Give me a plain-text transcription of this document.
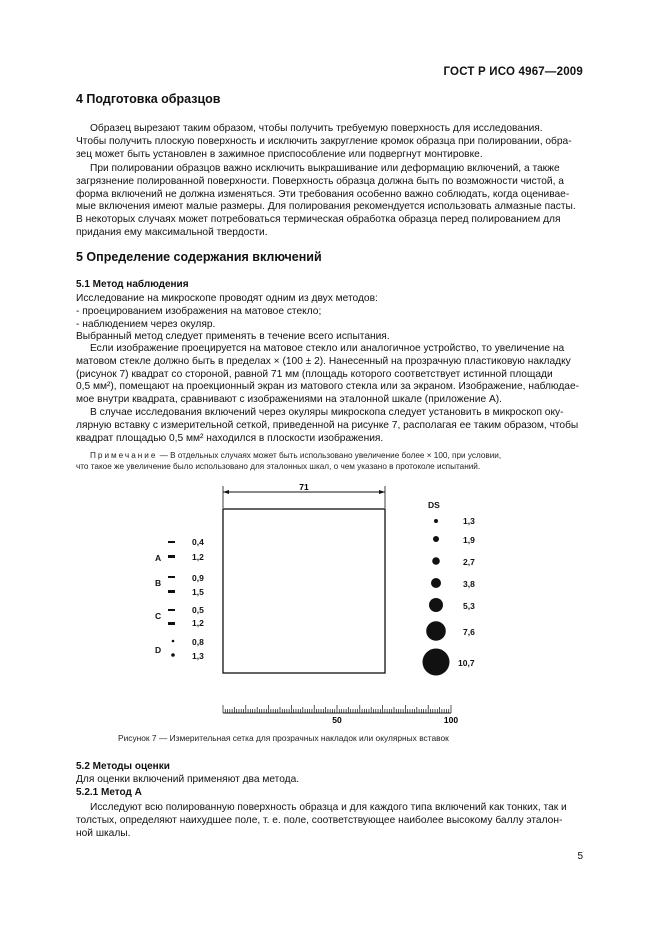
ГОСТ Р ИСО 4967—2009
4 Подготовка образцов
Образец вырезают таким образом, чтобы получить требуемую поверхность для исследования.
Чтобы получить плоскую поверхность и исключить закругление кромок образца при полировании, обра-
зец может быть установлен в зажимное приспособление или подвергнут монтировке.
При полировании образцов важно исключить выкрашивание или деформацию включений, а также
загрязнение полированной поверхности. Поверхность образца должна быть по возможности чистой, а
форма включений не должна изменяться. Эти требования особенно важно соблюдать, когда оценивае-
мые включения имеют малые размеры. Для полирования рекомендуется использовать алмазные пасты.
В некоторых случаях может потребоваться термическая обработка образца перед полированием для
придания ему максимальной твердости.
5 Определение содержания включений
5.1 Метод наблюдения
Исследование на микроскопе проводят одним из двух методов:
- проецированием изображения на матовое стекло;
- наблюдением через окуляр.
Выбранный метод следует применять в течение всего испытания.
Если изображение проецируется на матовое стекло или аналогичное устройство, то увеличение на
матовом стекле должно быть в пределах × (100 ± 2). Нанесенный на прозрачную пластиковую накладку
(рисунок 7) квадрат со стороной, равной 71 мм (площадь которого соответствует истинной площади
0,5 мм²), помещают на проекционный экран из матового стекла или за экраном. Изображение, наблюдае-
мое внутри квадрата, сравнивают с изображениями на эталонной шкале (приложение А).
В случае исследования включений через окуляры микроскопа следует установить в микроскоп оку-
лярную вставку с измерительной сеткой, приведенной на рисунке 7, располагая ее таким образом, чтобы
квадрат площадью 0,5 мм² находился в плоскости изображения.
Примечание — В отдельных случаях может быть использовано увеличение более × 100, при условии,
что такое же увеличение было использовано для эталонных шкал, о чем указано в протоколе испытаний.
71
A
0,4
1,2
B	0,9
1,5
C
0,5
1,2
D
0,8
1,3
DS
1,3
1,9
2,7
3,8
5,3
7,6
10,7
50	100
Рисунок 7 — Измерительная сетка для прозрачных накладок или окулярных вставок
5.2 Методы оценки
Для оценки включений применяют два метода.
5.2.1 Метод А
Исследуют всю полированную поверхность образца и для каждого типа включений как тонких, так и
толстых, определяют наихудшее поле, т. е. поле, соответствующее наиболее высокому баллу эталон-
ной шкалы.
5
